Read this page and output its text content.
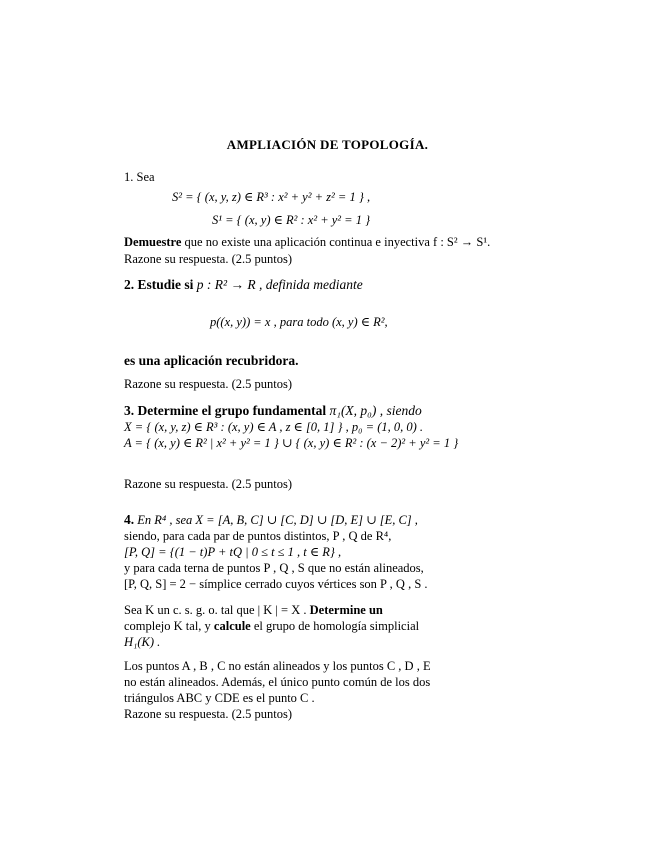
AMPLIACIÓN DE TOPOLOGÍA.
1. Sea
S² = { (x, y, z) ∈ R³ : x² + y² + z² = 1 } ,
S¹ = { (x, y) ∈ R² : x² + y² = 1 }
Demuestre que no existe una aplicación continua e inyectiva f : S² → S¹.
Razone su respuesta. (2.5 puntos)
2. Estudie si p : R² → R , definida mediante
p((x, y)) = x , para todo (x, y) ∈ R²,
es una aplicación recubridora.
Razone su respuesta. (2.5 puntos)
3. Determine el grupo fundamental π₁(X, p₀) , siendo
X = { (x, y, z) ∈ R³ : (x, y) ∈ A , z ∈ [0, 1] } , p₀ = (1, 0, 0) .
A = { (x, y) ∈ R² | x² + y² = 1 } ∪ { (x, y) ∈ R² : (x − 2)² + y² = 1 }
Razone su respuesta. (2.5 puntos)
4. En R⁴ , sea X = [A, B, C] ∪ [C, D] ∪ [D, E] ∪ [E, C] ,
siendo, para cada par de puntos distintos, P , Q de R⁴,
[P, Q] = {(1 − t)P + tQ | 0 ≤ t ≤ 1 , t ∈ R} ,
y para cada terna de puntos P , Q , S que no están alineados,
[P, Q, S] = 2 − símplice cerrado cuyos vértices son P , Q , S .
Sea K un c. s. g. o. tal que | K | = X . Determine un
complejo K tal, y calcule el grupo de homología simplicial
H₁(K) .
Los puntos A , B , C no están alineados y los puntos C , D , E
no están alineados. Además, el único punto común de los dos
triángulos ABC y CDE es el punto C .
Razone su respuesta. (2.5 puntos)
